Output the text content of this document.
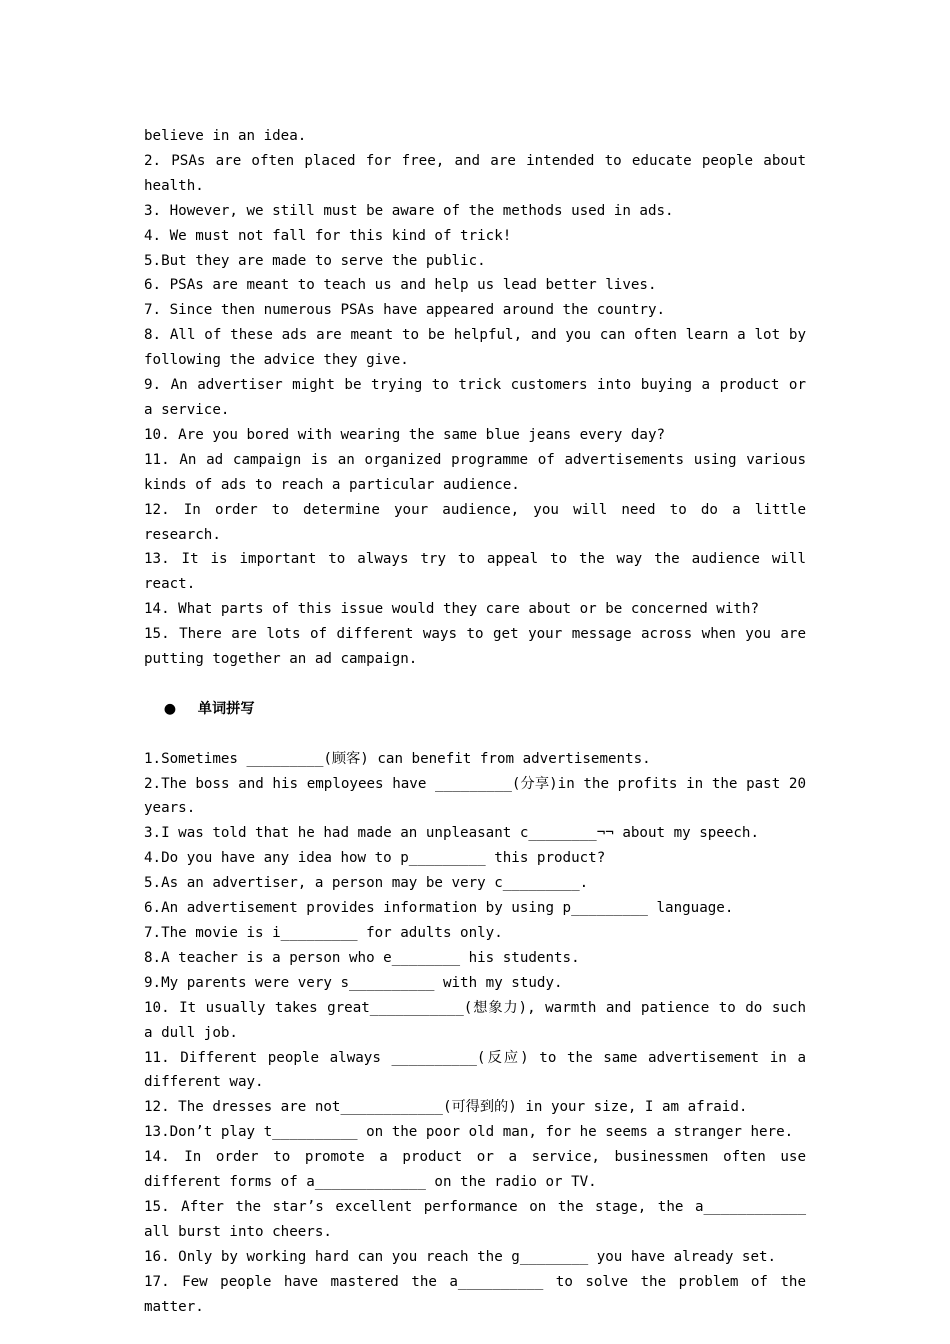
believe in an idea.
2. PSAs are often placed for free, and are intended to educate people about health.
3. However, we still must be aware of the methods used in ads.
4. We must not fall for this kind of trick!
5.But they are made to serve the public.
6. PSAs are meant to teach us and help us lead better lives.
7. Since then numerous PSAs have appeared around the country.
8. All of these ads are meant to be helpful, and you can often learn a lot by following the advice they give.
9. An advertiser might be trying to trick customers into buying a product or a service.
10. Are you bored with wearing the same blue jeans every day?
11. An ad campaign is an organized programme of advertisements using various kinds of ads to reach a particular audience.
12. In order to determine your audience, you will need to do a little research.
13. It is important to always try to appeal to the way the audience will react.
14. What parts of this issue would they care about or be concerned with?
15. There are lots of different ways to get your message across when you are putting together an ad campaign.

● 单词拼写

1.Sometimes _________(顾客) can benefit from advertisements.
2.The boss and his employees have _________(分享)in the profits in the past 20 years.
3.I was told that he had made an unpleasant c________¬¬ about my speech.
4.Do you have any idea how to p_________ this product?
5.As an advertiser, a person may be very c_________.
6.An advertisement provides information by using p_________ language.
7.The movie is i_________ for adults only.
8.A teacher is a person who e________ his students.
9.My parents were very s__________ with my study.
10. It usually takes great___________(想象力), warmth and patience to do such a dull job.
11. Different people always __________(反应) to the same advertisement in a different way.
12. The dresses are not____________(可得到的) in your size, I am afraid.
13.Don’t play t__________ on the poor old man, for he seems a stranger here.
14. In order to promote a product or a service, businessmen often use different forms of a_____________ on the radio or TV.
15. After the star’s excellent performance on the stage, the a____________ all burst into cheers.
16. Only by working hard can you reach the g________ you have already set.
17. Few people have mastered the a__________ to solve the problem of the matter.
